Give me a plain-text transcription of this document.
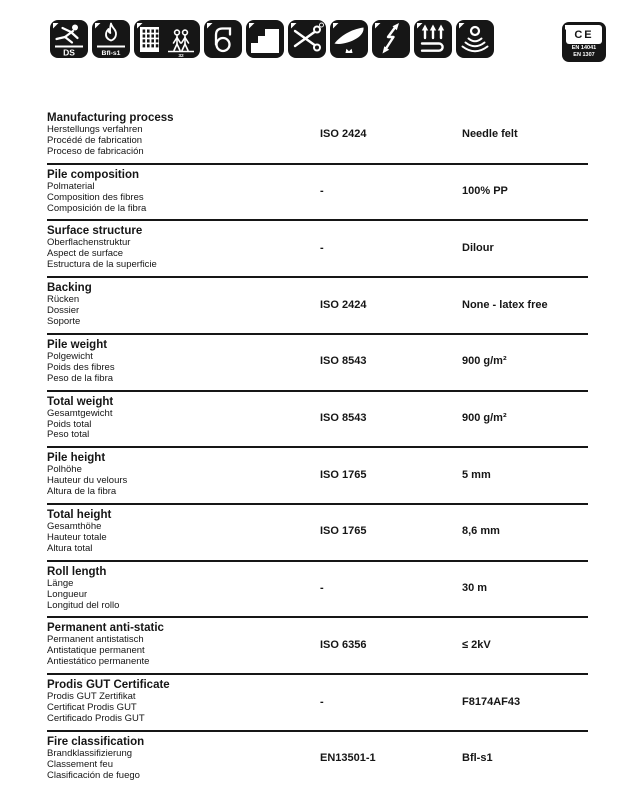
DS	Bfl-s1	32
CE
EN 14041
EN 1307
Manufacturing process
Herstellungs verfahren
Procédé de fabrication
Proceso de fabricación
ISO 2424	Needle felt
Pile composition
Polmaterial
Composition des fibres
Composición de la fibra
-	100% PP
Surface structure
Oberflachenstruktur
Aspect de surface
Estructura de la superficie
-	Dilour
Backing
Rücken
Dossier
Soporte
ISO 2424	None - latex free
Pile weight
Polgewicht
Poids des fibres
Peso de la fibra
ISO 8543	900 g/m²
Total weight
Gesamtgewicht
Poids total
Peso total
ISO 8543	900 g/m²
Pile height
Polhöhe
Hauteur du velours
Altura de la fibra
ISO 1765	5 mm
Total height
Gesamthöhe
Hauteur totale
Altura total
ISO 1765	8,6 mm
Roll length
Länge
Longueur
Longitud del rollo
-	30 m
Permanent anti-static
Permanent antistatisch
Antistatique permanent
Antiestático permanente
ISO 6356	≤ 2kV
Prodis GUT Certificate
Prodis GUT Zertifikat
Certificat Prodis GUT
Certificado Prodis GUT
-	F8174AF43
Fire classification
Brandklassifizierung
Classement feu
Clasificación de fuego
EN13501-1	Bfl-s1
